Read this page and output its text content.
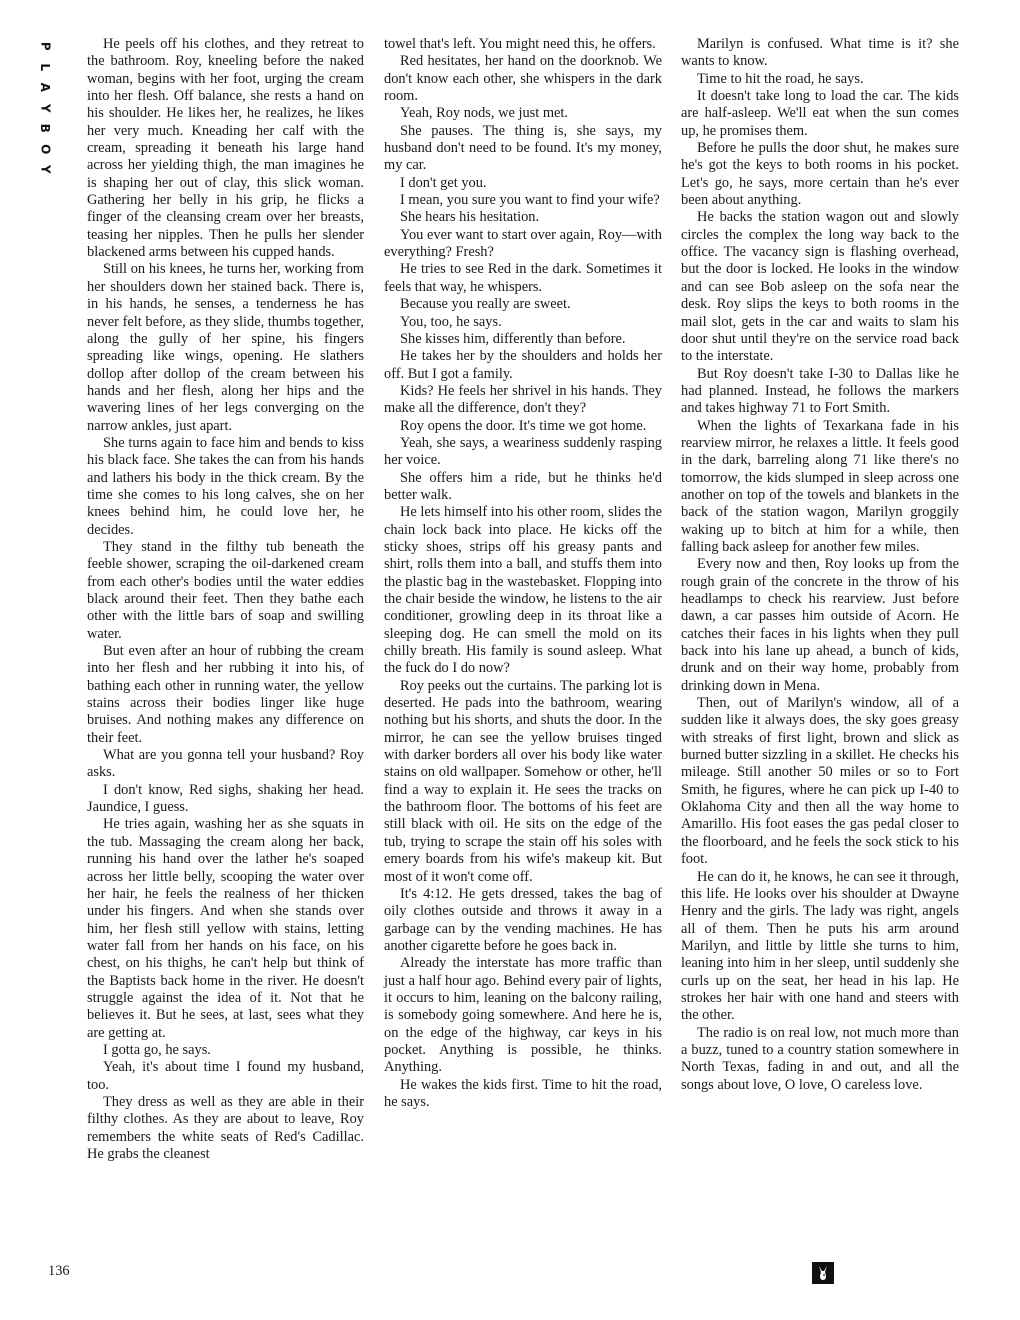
P
L
A
Y
B
O
Y

He peels off his clothes, and they retreat to the bathroom. Roy, kneeling before the naked woman, begins with her foot, urging the cream into her flesh. Off balance, she rests a hand on his shoulder. He likes her, he realizes, he likes her very much. Kneading her calf with the cream, spreading it beneath his large hand across her yielding thigh, the man imagines he is shaping her out of clay, this slick woman. Gathering her belly in his grip, he flicks a finger of the cleansing cream over her breasts, teasing her nipples. Then he pulls her slender blackened arms between his cupped hands.

Still on his knees, he turns her, working from her shoulders down her stained back. There is, in his hands, he senses, a tenderness he has never felt before, as they slide, thumbs together, along the gully of her spine, his fingers spreading like wings, opening. He slathers dollop after dollop of the cream between his hands and her flesh, along her hips and the wavering lines of her legs converging on the narrow ankles, just apart.

She turns again to face him and bends to kiss his black face. She takes the can from his hands and lathers his body in the thick cream. By the time she comes to his long calves, she on her knees behind him, he could love her, he decides.

They stand in the filthy tub beneath the feeble shower, scraping the oil-darkened cream from each other's bodies until the water eddies black around their feet. Then they bathe each other with the little bars of soap and swilling water.

But even after an hour of rubbing the cream into her flesh and her rubbing it into his, of bathing each other in running water, the yellow stains across their bodies linger like huge bruises. And nothing makes any difference on their feet.

What are you gonna tell your husband? Roy asks.

I don't know, Red sighs, shaking her head. Jaundice, I guess.

He tries again, washing her as she squats in the tub. Massaging the cream along her back, running his hand over the lather he's soaped across her little belly, scooping the water over her hair, he feels the realness of her thicken under his fingers. And when she stands over him, her flesh still yellow with stains, letting water fall from her hands on his face, on his chest, on his thighs, he can't help but think of the Baptists back home in the river. He doesn't struggle against the idea of it. Not that he believes it. But he sees, at last, sees what they are getting at.

I gotta go, he says.

Yeah, it's about time I found my husband, too.

They dress as well as they are able in their filthy clothes. As they are about to leave, Roy remembers the white seats of Red's Cadillac. He grabs the cleanest

towel that's left. You might need this, he offers.

Red hesitates, her hand on the doorknob. We don't know each other, she whispers in the dark room.

Yeah, Roy nods, we just met.

She pauses. The thing is, she says, my husband don't need to be found. It's my money, my car.

I don't get you.

I mean, you sure you want to find your wife?

She hears his hesitation.

You ever want to start over again, Roy—with everything? Fresh?

He tries to see Red in the dark. Sometimes it feels that way, he whispers.

Because you really are sweet.

You, too, he says.

She kisses him, differently than before.

He takes her by the shoulders and holds her off. But I got a family.

Kids? He feels her shrivel in his hands. They make all the difference, don't they?

Roy opens the door. It's time we got home.

Yeah, she says, a weariness suddenly rasping her voice.

She offers him a ride, but he thinks he'd better walk.

He lets himself into his other room, slides the chain lock back into place. He kicks off the sticky shoes, strips off his greasy pants and shirt, rolls them into a ball, and stuffs them into the plastic bag in the wastebasket. Flopping into the chair beside the window, he listens to the air conditioner, growling deep in its throat like a sleeping dog. He can smell the mold on its chilly breath. His family is sound asleep. What the fuck do I do now?

Roy peeks out the curtains. The parking lot is deserted. He pads into the bathroom, wearing nothing but his shorts, and shuts the door. In the mirror, he can see the yellow bruises tinged with darker borders all over his body like water stains on old wallpaper. Somehow or other, he'll find a way to explain it. He sees the tracks on the bathroom floor. The bottoms of his feet are still black with oil. He sits on the edge of the tub, trying to scrape the stain off his soles with emery boards from his wife's makeup kit. But most of it won't come off.

It's 4:12. He gets dressed, takes the bag of oily clothes outside and throws it away in a garbage can by the vending machines. He has another cigarette before he goes back in.

Already the interstate has more traffic than just a half hour ago. Behind every pair of lights, it occurs to him, leaning on the balcony railing, is somebody going somewhere. And here he is, on the edge of the highway, car keys in his pocket. Anything is possible, he thinks. Anything.

He wakes the kids first. Time to hit the road, he says.

Marilyn is confused. What time is it? she wants to know.

Time to hit the road, he says.

It doesn't take long to load the car. The kids are half-asleep. We'll eat when the sun comes up, he promises them.

Before he pulls the door shut, he makes sure he's got the keys to both rooms in his pocket. Let's go, he says, more certain than he's ever been about anything.

He backs the station wagon out and slowly circles the complex the long way back to the office. The vacancy sign is flashing overhead, but the door is locked. He looks in the window and can see Bob asleep on the sofa near the desk. Roy slips the keys to both rooms in the mail slot, gets in the car and waits to slam his door shut until they're on the service road back to the interstate.

But Roy doesn't take I-30 to Dallas like he had planned. Instead, he follows the markers and takes highway 71 to Fort Smith.

When the lights of Texarkana fade in his rearview mirror, he relaxes a little. It feels good in the dark, barreling along 71 like there's no tomorrow, the kids slumped in sleep across one another on top of the towels and blankets in the back of the station wagon, Marilyn groggily waking up to bitch at him for a while, then falling back asleep for another few miles.

Every now and then, Roy looks up from the rough grain of the concrete in the throw of his headlamps to check his rearview. Just before dawn, a car passes him outside of Acorn. He catches their faces in his lights when they pull back into his lane up ahead, a bunch of kids, drunk and on their way home, probably from drinking down in Mena.

Then, out of Marilyn's window, all of a sudden like it always does, the sky goes greasy with streaks of first light, brown and slick as burned butter sizzling in a skillet. He checks his mileage. Still another 50 miles or so to Fort Smith, he figures, where he can pick up I-40 to Oklahoma City and then all the way home to Amarillo. His foot eases the gas pedal closer to the floorboard, and he feels the sock stick to his foot.

He can do it, he knows, he can see it through, this life. He looks over his shoulder at Dwayne Henry and the girls. The lady was right, angels all of them. Then he puts his arm around Marilyn, and little by little she turns to him, leaning into him in her sleep, until suddenly she curls up on the seat, her head in his lap. He strokes her hair with one hand and steers with the other.

The radio is on real low, not much more than a buzz, tuned to a country station somewhere in North Texas, fading in and out, and all the songs about love, O love, O careless love.

136
